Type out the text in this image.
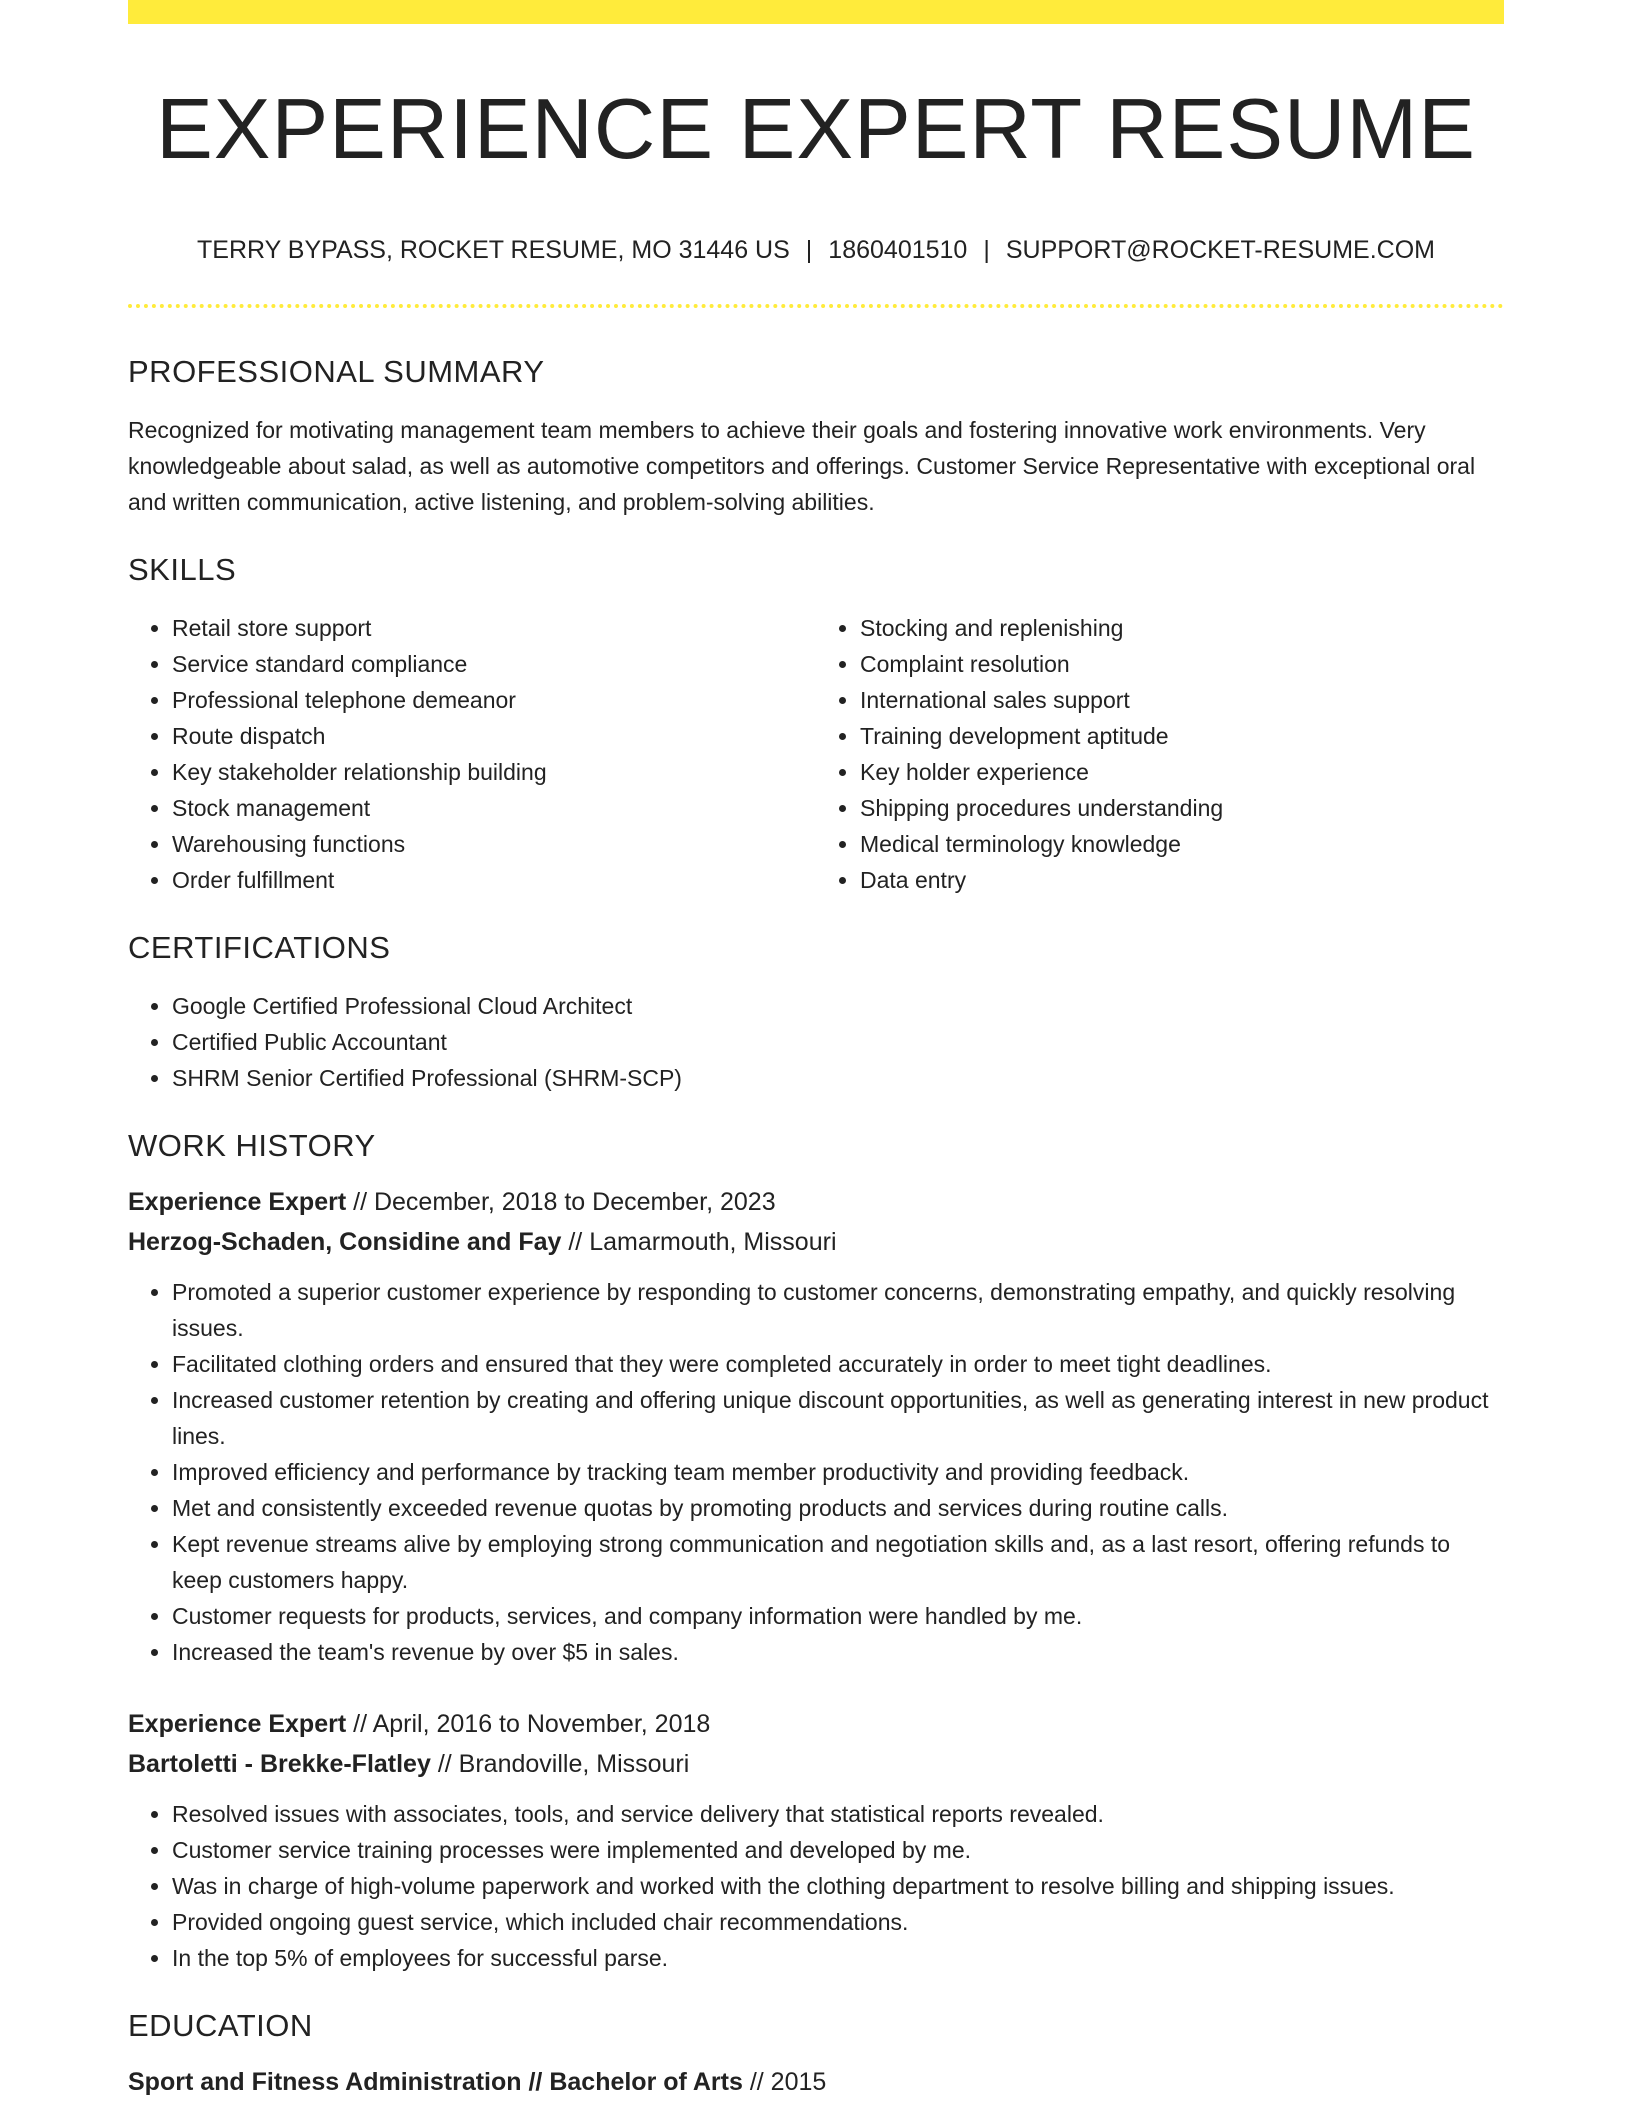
EXPERIENCE EXPERT RESUME
TERRY BYPASS, ROCKET RESUME, MO 31446 US | 1860401510 | SUPPORT@ROCKET-RESUME.COM
PROFESSIONAL SUMMARY
Recognized for motivating management team members to achieve their goals and fostering innovative work environments. Very knowledgeable about salad, as well as automotive competitors and offerings. Customer Service Representative with exceptional oral and written communication, active listening, and problem-solving abilities.
SKILLS
• Retail store support
• Service standard compliance
• Professional telephone demeanor
• Route dispatch
• Key stakeholder relationship building
• Stock management
• Warehousing functions
• Order fulfillment
• Stocking and replenishing
• Complaint resolution
• International sales support
• Training development aptitude
• Key holder experience
• Shipping procedures understanding
• Medical terminology knowledge
• Data entry
CERTIFICATIONS
• Google Certified Professional Cloud Architect
• Certified Public Accountant
• SHRM Senior Certified Professional (SHRM-SCP)
WORK HISTORY
Experience Expert // December, 2018 to December, 2023
Herzog-Schaden, Considine and Fay // Lamarmouth, Missouri
• Promoted a superior customer experience by responding to customer concerns, demonstrating empathy, and quickly resolving issues.
• Facilitated clothing orders and ensured that they were completed accurately in order to meet tight deadlines.
• Increased customer retention by creating and offering unique discount opportunities, as well as generating interest in new product lines.
• Improved efficiency and performance by tracking team member productivity and providing feedback.
• Met and consistently exceeded revenue quotas by promoting products and services during routine calls.
• Kept revenue streams alive by employing strong communication and negotiation skills and, as a last resort, offering refunds to keep customers happy.
• Customer requests for products, services, and company information were handled by me.
• Increased the team's revenue by over $5 in sales.
Experience Expert // April, 2016 to November, 2018
Bartoletti - Brekke-Flatley // Brandoville, Missouri
• Resolved issues with associates, tools, and service delivery that statistical reports revealed.
• Customer service training processes were implemented and developed by me.
• Was in charge of high-volume paperwork and worked with the clothing department to resolve billing and shipping issues.
• Provided ongoing guest service, which included chair recommendations.
• In the top 5% of employees for successful parse.
EDUCATION
Sport and Fitness Administration // Bachelor of Arts // 2015
